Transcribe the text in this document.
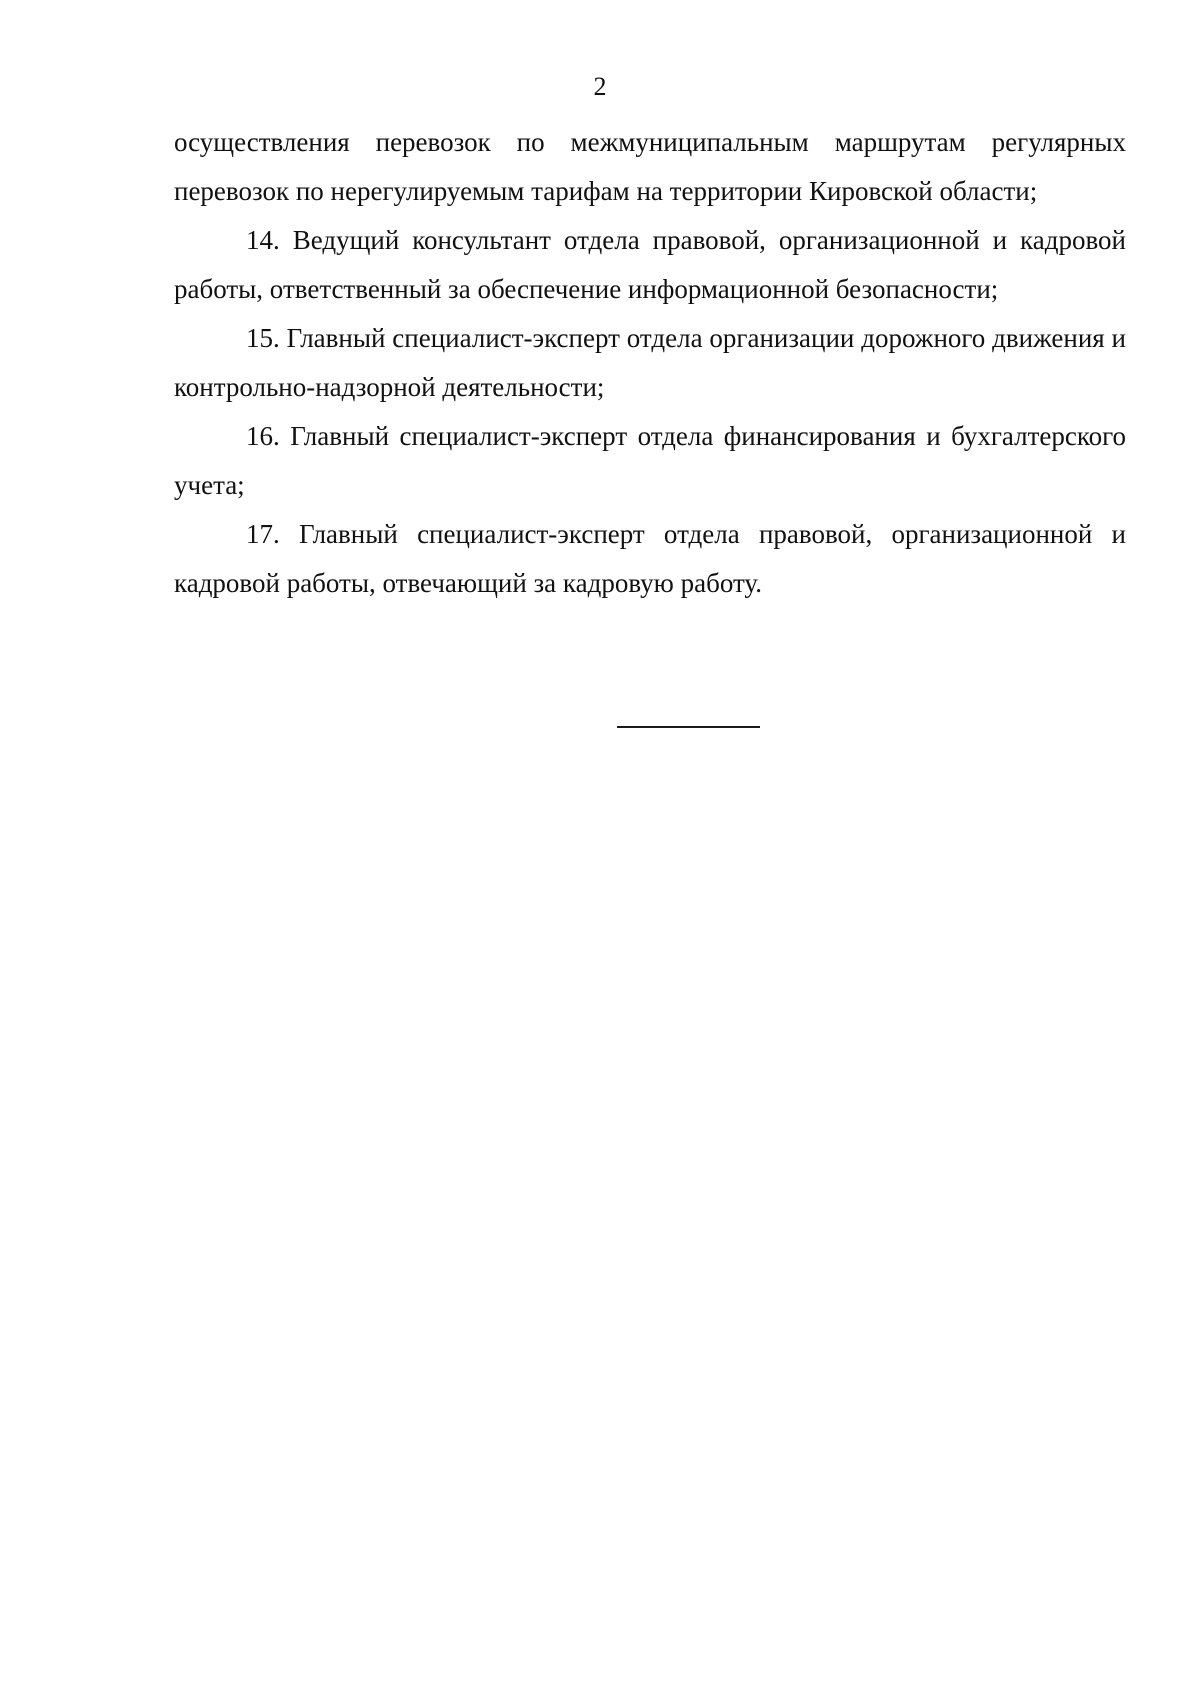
2

осуществления перевозок по межмуниципальным маршрутам регулярных перевозок по нерегулируемым тарифам на территории Кировской области;

14. Ведущий консультант отдела правовой, организационной и кадровой работы, ответственный за обеспечение информационной безопасности;

15. Главный специалист-эксперт отдела организации дорожного движения и контрольно-надзорной деятельности;

16. Главный специалист-эксперт отдела финансирования и бухгалтерского учета;

17. Главный специалист-эксперт отдела правовой, организационной и кадровой работы, отвечающий за кадровую работу.
